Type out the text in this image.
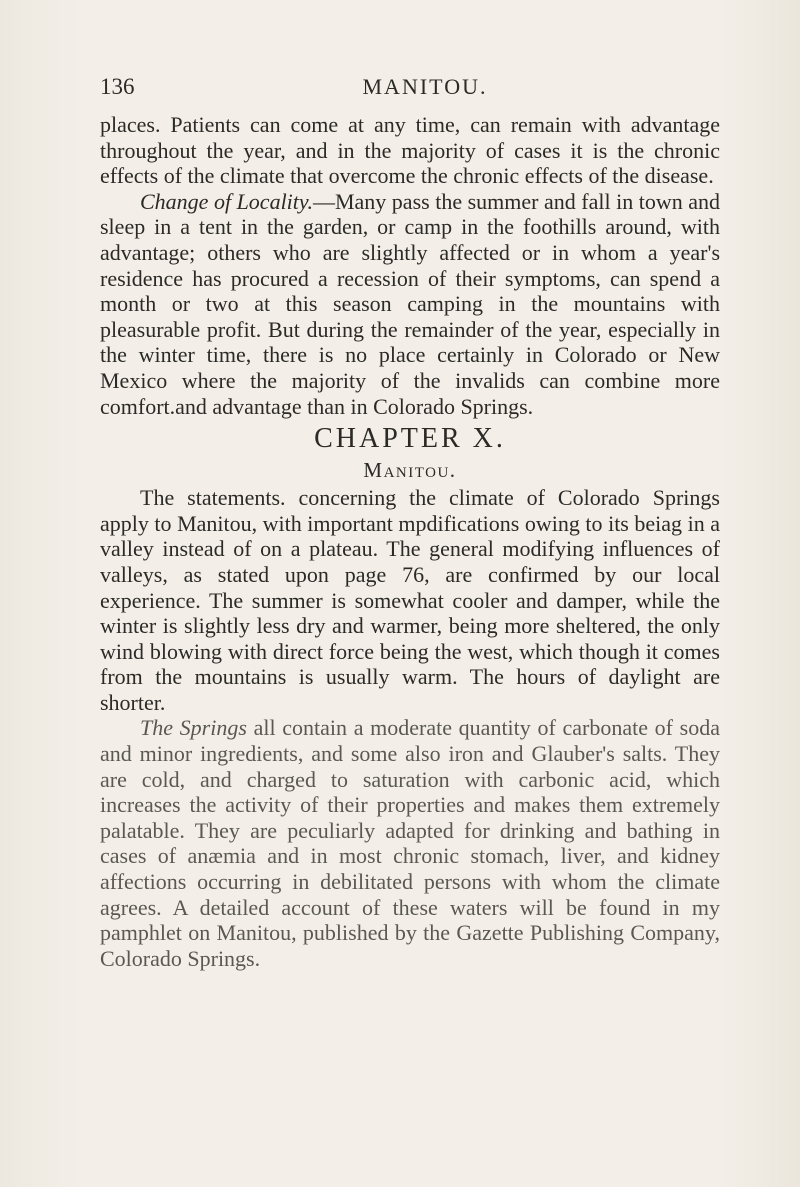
136	MANITOU.

places. Patients can come at any time, can remain with advantage throughout the year, and in the majority of cases it is the chronic effects of the climate that overcome the chronic effects of the disease.

Change of Locality.—Many pass the summer and fall in town and sleep in a tent in the garden, or camp in the foothills around, with advantage; others who are slightly affected or in whom a year's residence has procured a recession of their symptoms, can spend a month or two at this season camping in the mountains with pleasurable profit. But during the remainder of the year, especially in the winter time, there is no place certainly in Colorado or New Mexico where the majority of the invalids can combine more comfort.and advantage than in Colorado Springs.

CHAPTER X.
Manitou.

The statements. concerning the climate of Colorado Springs apply to Manitou, with important mpdifications owing to its beiag in a valley instead of on a plateau. The general modifying influences of valleys, as stated upon page 76, are confirmed by our local experience. The summer is somewhat cooler and damper, while the winter is slightly less dry and warmer, being more sheltered, the only wind blowing with direct force being the west, which though it comes from the mountains is usually warm. The hours of daylight are shorter.

The Springs all contain a moderate quantity of carbonate of soda and minor ingredients, and some also iron and Glauber's salts. They are cold, and charged to saturation with carbonic acid, which increases the activity of their properties and makes them extremely palatable. They are peculiarly adapted for drinking and bathing in cases of anæmia and in most chronic stomach, liver, and kidney affections occurring in debilitated persons with whom the climate agrees. A detailed account of these waters will be found in my pamphlet on Manitou, published by the Gazette Publishing Company, Colorado Springs.
